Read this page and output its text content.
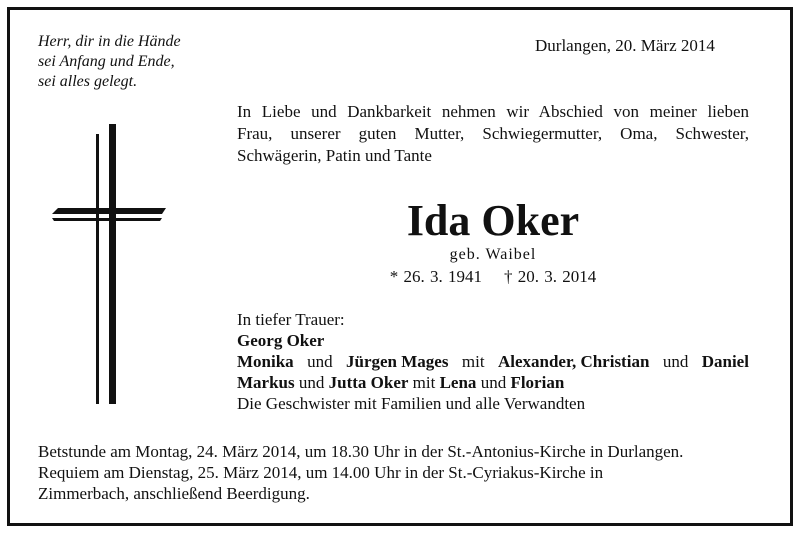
Herr, dir in die Hände
sei Anfang und Ende,
sei alles gelegt.
Durlangen, 20. März 2014
In Liebe und Dankbarkeit nehmen wir Abschied von meiner lieben
Frau, unserer guten Mutter, Schwiegermutter, Oma, Schwester,
Schwägerin, Patin und Tante
Ida Oker
geb. Waibel
* 26. 3. 1941 † 20. 3. 2014
In tiefer Trauer:
Georg Oker
Monika und Jürgen Mages mit Alexander, Christian und Daniel
Markus und Jutta Oker mit Lena und Florian
Die Geschwister mit Familien und alle Verwandten
Betstunde am Montag, 24. März 2014, um 18.30 Uhr in der St.-Antonius-Kirche in Durlangen.
Requiem am Dienstag, 25. März 2014, um 14.00 Uhr in der St.-Cyriakus-Kirche in
Zimmerbach, anschließend Beerdigung.
